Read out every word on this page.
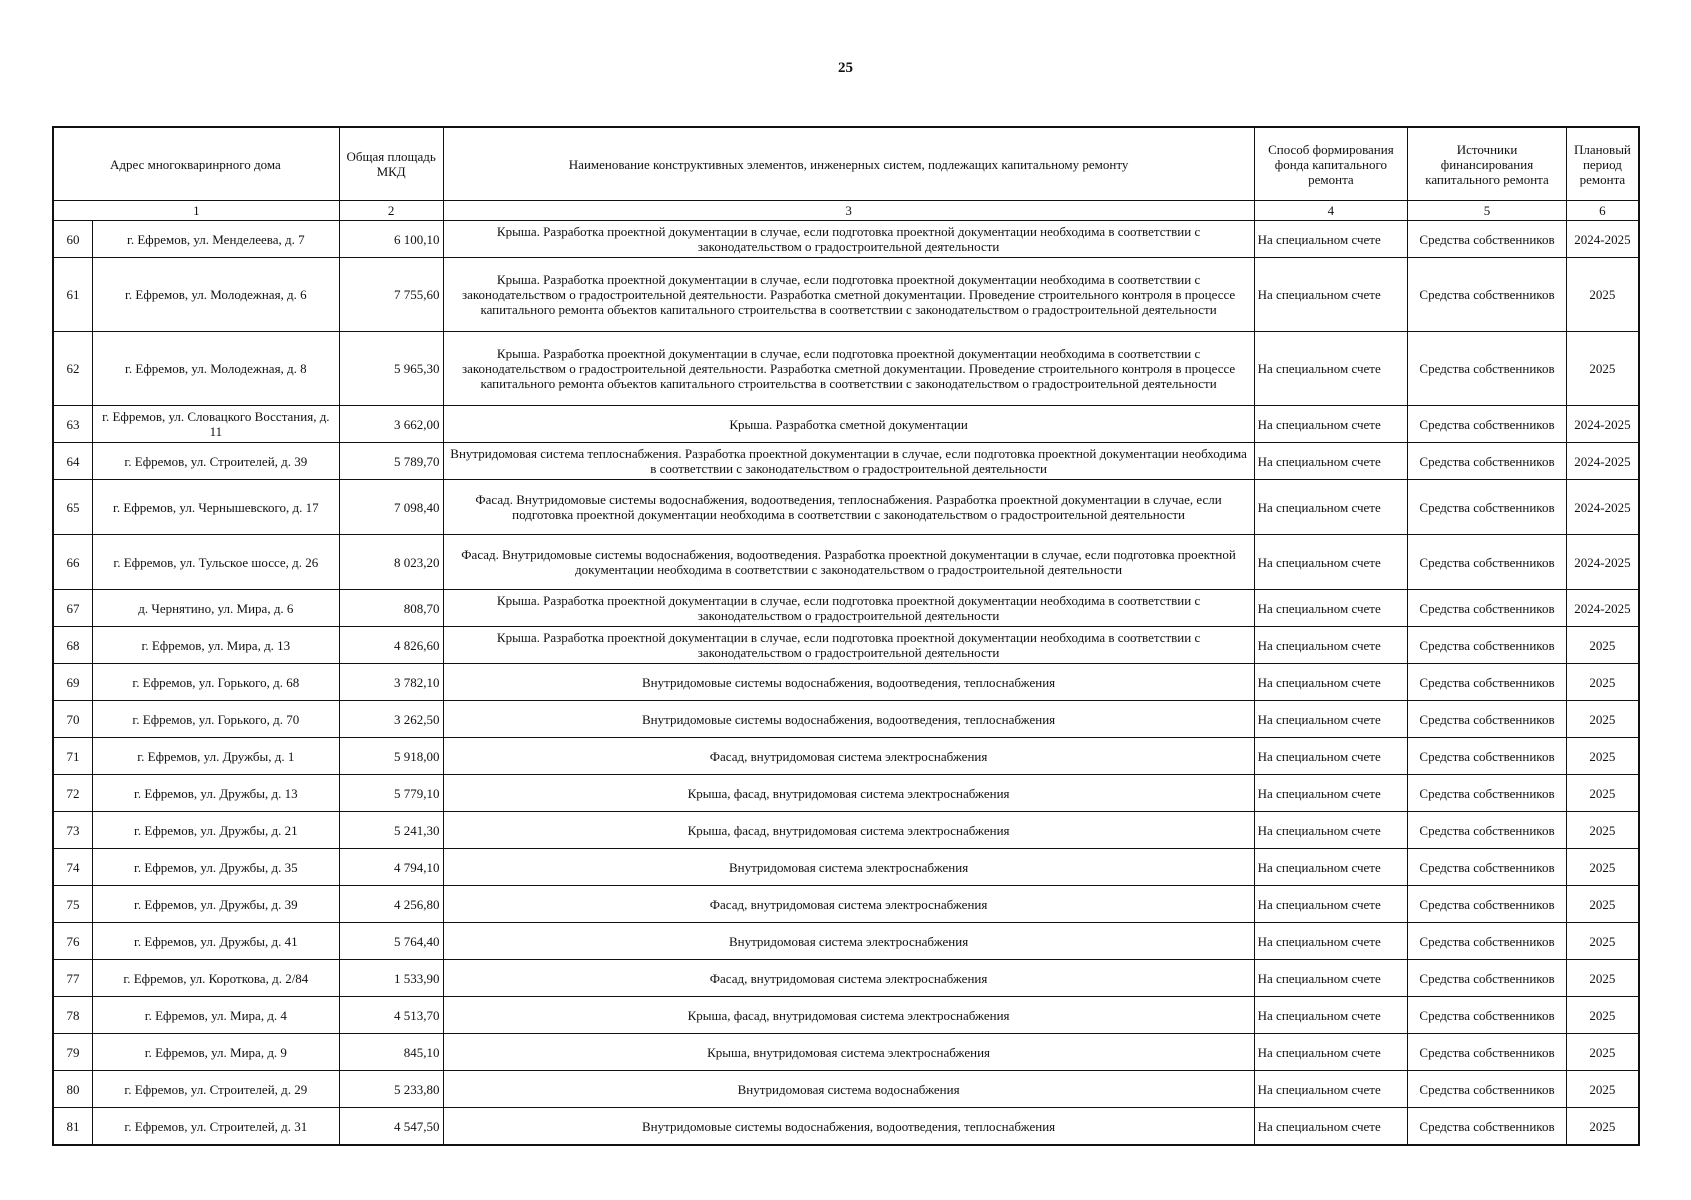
25
Адрес многокваринрного дома		Общая площадь МКД	Наименование конструктивных элементов, инженерных систем, подлежащих капитальному ремонту	Способ формирования фонда капитального ремонта	Источники финансирования капитального ремонта	Плановый период ремонта
1		2	3	4	5	6
60	г. Ефремов, ул. Менделеева, д. 7	6 100,10	Крыша. Разработка проектной документации в случае, если подготовка проектной документации необходима в соответствии с законодательством о градостроительной деятельности	На специальном счете	Средства собственников	2024-2025
61	г. Ефремов, ул. Молодежная, д. 6	7 755,60	Крыша. Разработка проектной документации в случае, если подготовка проектной документации необходима в соответствии с законодательством о градостроительной деятельности. Разработка сметной документации. Проведение строительного контроля в процессе капитального ремонта объектов капитального строительства в соответствии с законодательством о градостроительной деятельности	На специальном счете	Средства собственников	2025
62	г. Ефремов, ул. Молодежная, д. 8	5 965,30	Крыша. Разработка проектной документации в случае, если подготовка проектной документации необходима в соответствии с законодательством о градостроительной деятельности. Разработка сметной документации. Проведение строительного контроля в процессе капитального ремонта объектов капитального строительства в соответствии с законодательством о градостроительной деятельности	На специальном счете	Средства собственников	2025
63	г. Ефремов, ул. Словацкого Восстания, д. 11	3 662,00	Крыша. Разработка сметной документации	На специальном счете	Средства собственников	2024-2025
64	г. Ефремов, ул. Строителей, д. 39	5 789,70	Внутридомовая система теплоснабжения. Разработка проектной документации в случае, если подготовка проектной документации необходима в соответствии с законодательством о градостроительной деятельности	На специальном счете	Средства собственников	2024-2025
65	г. Ефремов, ул. Чернышевского, д. 17	7 098,40	Фасад. Внутридомовые системы водоснабжения, водоотведения, теплоснабжения. Разработка проектной документации в случае, если подготовка проектной документации необходима в соответствии с законодательством о градостроительной деятельности	На специальном счете	Средства собственников	2024-2025
66	г. Ефремов, ул. Тульское шоссе, д. 26	8 023,20	Фасад. Внутридомовые системы водоснабжения, водоотведения. Разработка проектной документации в случае, если подготовка проектной документации необходима в соответствии с законодательством о градостроительной деятельности	На специальном счете	Средства собственников	2024-2025
67	д. Чернятино, ул. Мира, д. 6	808,70	Крыша. Разработка проектной документации в случае, если подготовка проектной документации необходима в соответствии с законодательством о градостроительной деятельности	На специальном счете	Средства собственников	2024-2025
68	г. Ефремов, ул. Мира, д. 13	4 826,60	Крыша. Разработка проектной документации в случае, если подготовка проектной документации необходима в соответствии с законодательством о градостроительной деятельности	На специальном счете	Средства собственников	2025
69	г. Ефремов, ул. Горького, д. 68	3 782,10	Внутридомовые системы водоснабжения, водоотведения, теплоснабжения	На специальном счете	Средства собственников	2025
70	г. Ефремов, ул. Горького, д. 70	3 262,50	Внутридомовые системы водоснабжения, водоотведения, теплоснабжения	На специальном счете	Средства собственников	2025
71	г. Ефремов, ул. Дружбы, д. 1	5 918,00	Фасад, внутридомовая система электроснабжения	На специальном счете	Средства собственников	2025
72	г. Ефремов, ул. Дружбы, д. 13	5 779,10	Крыша, фасад, внутридомовая система электроснабжения	На специальном счете	Средства собственников	2025
73	г. Ефремов, ул. Дружбы, д. 21	5 241,30	Крыша, фасад, внутридомовая система электроснабжения	На специальном счете	Средства собственников	2025
74	г. Ефремов, ул. Дружбы, д. 35	4 794,10	Внутридомовая система электроснабжения	На специальном счете	Средства собственников	2025
75	г. Ефремов, ул. Дружбы, д. 39	4 256,80	Фасад, внутридомовая система электроснабжения	На специальном счете	Средства собственников	2025
76	г. Ефремов, ул. Дружбы, д. 41	5 764,40	Внутридомовая система электроснабжения	На специальном счете	Средства собственников	2025
77	г. Ефремов, ул. Короткова, д. 2/84	1 533,90	Фасад, внутридомовая система электроснабжения	На специальном счете	Средства собственников	2025
78	г. Ефремов, ул. Мира, д. 4	4 513,70	Крыша, фасад, внутридомовая система электроснабжения	На специальном счете	Средства собственников	2025
79	г. Ефремов, ул. Мира, д. 9	845,10	Крыша, внутридомовая система электроснабжения	На специальном счете	Средства собственников	2025
80	г. Ефремов, ул. Строителей, д. 29	5 233,80	Внутридомовая система водоснабжения	На специальном счете	Средства собственников	2025
81	г. Ефремов, ул. Строителей, д. 31	4 547,50	Внутридомовые системы водоснабжения, водоотведения, теплоснабжения	На специальном счете	Средства собственников	2025
